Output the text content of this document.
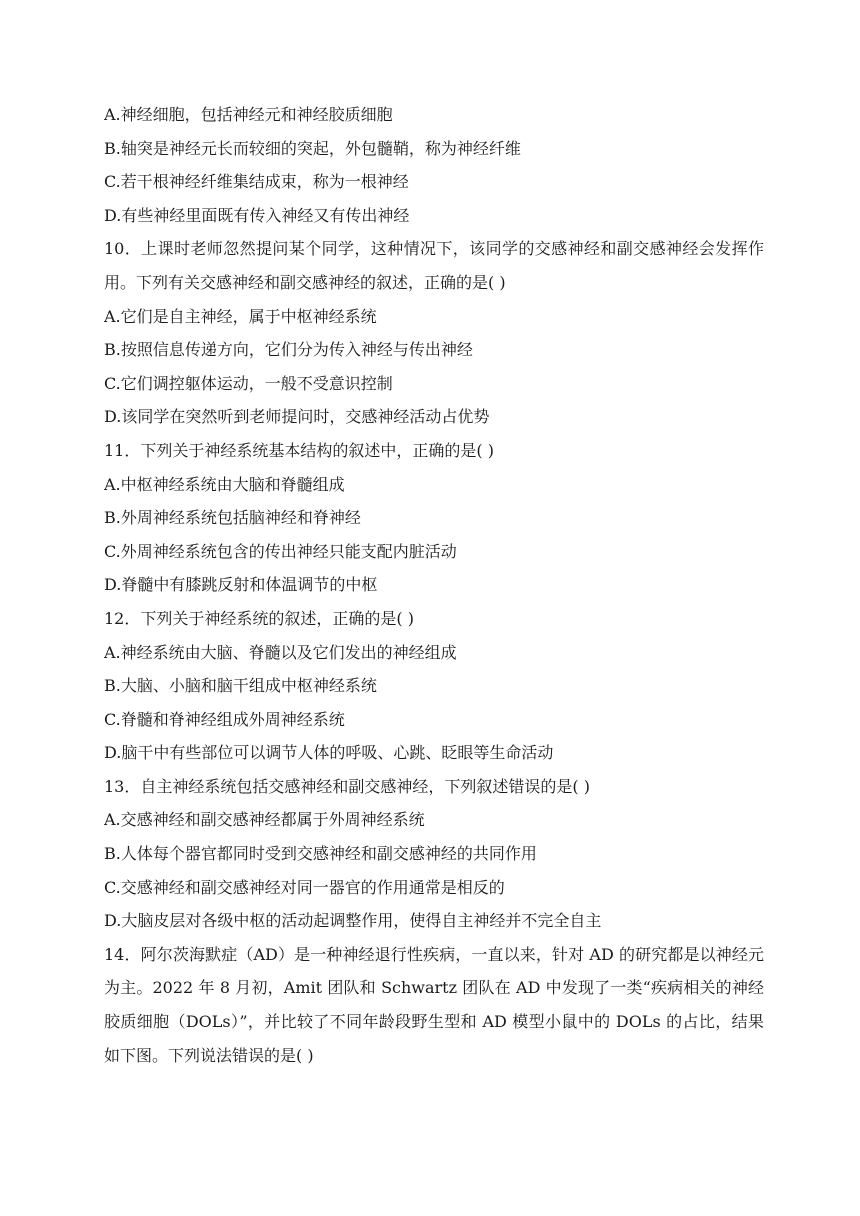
A.神经细胞，包括神经元和神经胶质细胞
B.轴突是神经元长而较细的突起，外包髓鞘，称为神经纤维
C.若干根神经纤维集结成束，称为一根神经
D.有些神经里面既有传入神经又有传出神经
10．上课时老师忽然提问某个同学，这种情况下，该同学的交感神经和副交感神经会发挥作用。下列有关交感神经和副交感神经的叙述，正确的是( )
A.它们是自主神经，属于中枢神经系统
B.按照信息传递方向，它们分为传入神经与传出神经
C.它们调控躯体运动，一般不受意识控制
D.该同学在突然听到老师提问时，交感神经活动占优势
11．下列关于神经系统基本结构的叙述中，正确的是( )
A.中枢神经系统由大脑和脊髓组成
B.外周神经系统包括脑神经和脊神经
C.外周神经系统包含的传出神经只能支配内脏活动
D.脊髓中有膝跳反射和体温调节的中枢
12．下列关于神经系统的叙述，正确的是( )
A.神经系统由大脑、脊髓以及它们发出的神经组成
B.大脑、小脑和脑干组成中枢神经系统
C.脊髓和脊神经组成外周神经系统
D.脑干中有些部位可以调节人体的呼吸、心跳、眨眼等生命活动
13．自主神经系统包括交感神经和副交感神经，下列叙述错误的是( )
A.交感神经和副交感神经都属于外周神经系统
B.人体每个器官都同时受到交感神经和副交感神经的共同作用
C.交感神经和副交感神经对同一器官的作用通常是相反的
D.大脑皮层对各级中枢的活动起调整作用，使得自主神经并不完全自主
14．阿尔茨海默症（AD）是一种神经退行性疾病，一直以来，针对 AD 的研究都是以神经元为主。2022 年 8 月初，Amit 团队和 Schwartz 团队在 AD 中发现了一类“疾病相关的神经胶质细胞（DOLs）”，并比较了不同年龄段野生型和 AD 模型小鼠中的 DOLs 的占比，结果如下图。下列说法错误的是( )
